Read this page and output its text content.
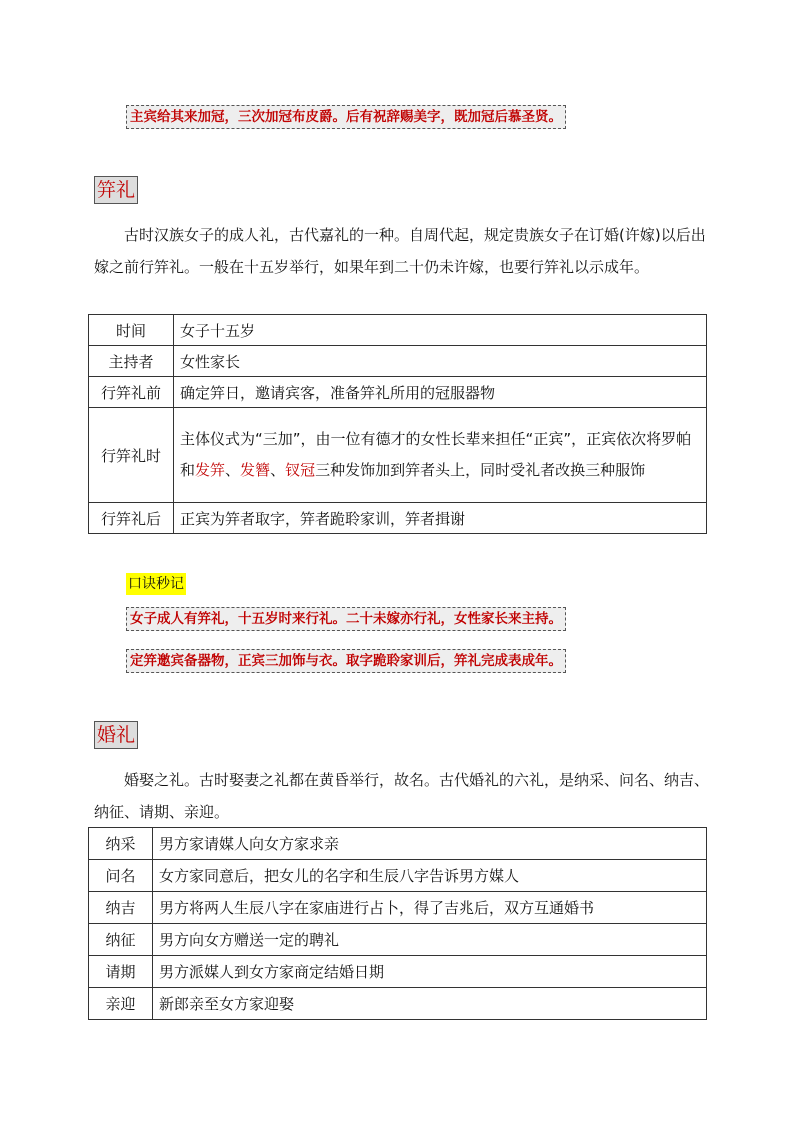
主宾给其来加冠，三次加冠布皮爵。后有祝辞赐美字，既加冠后慕圣贤。
笄礼

古时汉族女子的成人礼，古代嘉礼的一种。自周代起，规定贵族女子在订婚(许嫁)以后出嫁之前行笄礼。一般在十五岁举行，如果年到二十仍未许嫁，也要行笄礼以示成年。

时间	女子十五岁
主持者	女性家长
行笄礼前	确定笄日，邀请宾客，准备笄礼所用的冠服器物
行笄礼时	主体仪式为“三加”，由一位有德才的女性长辈来担任“正宾”，正宾依次将罗帕和发笄、发簪、钗冠三种发饰加到笄者头上，同时受礼者改换三种服饰
行笄礼后	正宾为笄者取字，笄者跪聆家训，笄者揖谢
口诀秒记
女子成人有笄礼，十五岁时来行礼。二十未嫁亦行礼，女性家长来主持。
定笄邀宾备器物，正宾三加饰与衣。取字跪聆家训后，笄礼完成表成年。
婚礼

婚娶之礼。古时娶妻之礼都在黄昏举行，故名。古代婚礼的六礼，是纳采、问名、纳吉、纳征、请期、亲迎。

纳采	男方家请媒人向女方家求亲
问名	女方家同意后，把女儿的名字和生辰八字告诉男方媒人
纳吉	男方将两人生辰八字在家庙进行占卜，得了吉兆后，双方互通婚书
纳征	男方向女方赠送一定的聘礼
请期	男方派媒人到女方家商定结婚日期
亲迎	新郎亲至女方家迎娶
